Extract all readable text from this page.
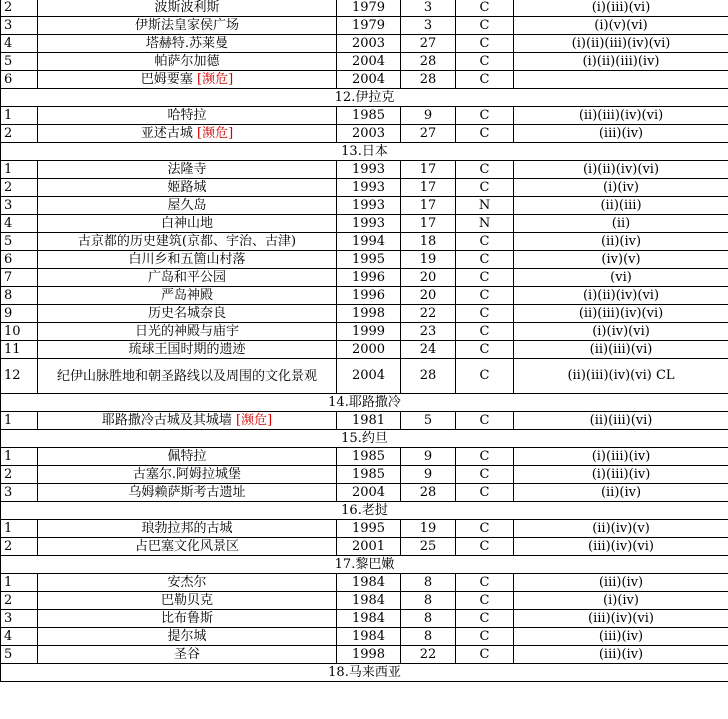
2	波斯波利斯	1979	3	C	(i)(iii)(vi)
3	伊斯法皇家侯广场	1979	3	C	(i)(v)(vi)
4	塔赫特.苏莱曼	2003	27	C	(i)(ii)(iii)(iv)(vi)
5	帕萨尔加德	2004	28	C	(i)(ii)(iii)(iv)
6	巴姆要塞 [濒危]	2004	28	C	
12.伊拉克					
1	哈特拉	1985	9	C	(ii)(iii)(iv)(vi)
2	亚述古城 [濒危]	2003	27	C	(iii)(iv)
13.日本					
1	法隆寺	1993	17	C	(i)(ii)(iv)(vi)
2	姬路城	1993	17	C	(i)(iv)
3	屋久岛	1993	17	N	(ii)(iii)
4	白神山地	1993	17	N	(ii)
5	古京都的历史建筑(京都、宇治、古津)	1994	18	C	(ii)(iv)
6	白川乡和五箇山村落	1995	19	C	(iv)(v)
7	广岛和平公园	1996	20	C	(vi)
8	严岛神殿	1996	20	C	(i)(ii)(iv)(vi)
9	历史名城奈良	1998	22	C	(ii)(iii)(iv)(vi)
10	日光的神殿与庙宇	1999	23	C	(i)(iv)(vi)
11	琉球王国时期的遗迹	2000	24	C	(ii)(iii)(vi)
12	纪伊山脉胜地和朝圣路线以及周围的文化景观	2004	28	C	(ii)(iii)(iv)(vi) CL
14.耶路撒冷					
1	耶路撒冷古城及其城墙 [濒危]	1981	5	C	(ii)(iii)(vi)
15.约旦					
1	佩特拉	1985	9	C	(i)(iii)(iv)
2	古塞尔.阿姆拉城堡	1985	9	C	(i)(iii)(iv)
3	乌姆赖萨斯考古遗址	2004	28	C	(ii)(iv)
16.老挝					
1	琅勃拉邦的古城	1995	19	C	(ii)(iv)(v)
2	占巴塞文化风景区	2001	25	C	(iii)(iv)(vi)
17.黎巴嫩					
1	安杰尔	1984	8	C	(iii)(iv)
2	巴勒贝克	1984	8	C	(i)(iv)
3	比布鲁斯	1984	8	C	(iii)(iv)(vi)
4	提尔城	1984	8	C	(iii)(iv)
5	圣谷	1998	22	C	(iii)(iv)
18.马来西亚					
